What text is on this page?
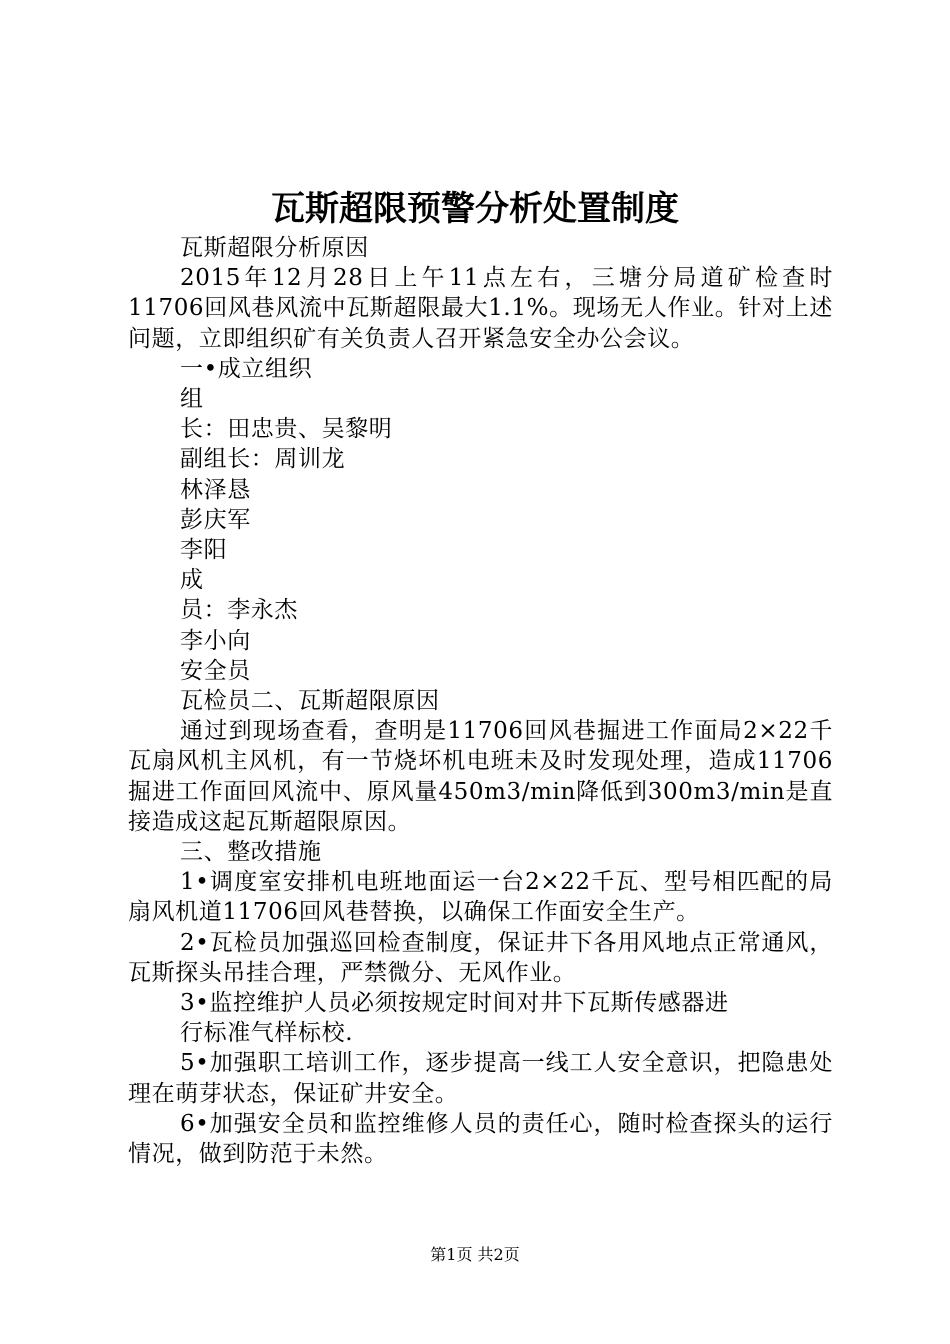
瓦斯超限预警分析处置制度

瓦斯超限分析原因

2015年12月28日上午11点左右，三塘分局道矿检查时11706回风巷风流中瓦斯超限最大1.1%。现场无人作业。针对上述问题，立即组织矿有关负责人召开紧急安全办公会议。

一•成立组织

组

长：田忠贵、吴黎明

副组长：周训龙

林泽恳

彭庆军

李阳

成

员：李永杰

李小向

安全员

瓦检员二、瓦斯超限原因

通过到现场查看，查明是11706回风巷掘进工作面局2×22千瓦扇风机主风机，有一节烧坏机电班未及时发现处理，造成11706掘进工作面回风流中、原风量450m3/min降低到300m3/min是直接造成这起瓦斯超限原因。

三、整改措施

1•调度室安排机电班地面运一台2×22千瓦、型号相匹配的局扇风机道11706回风巷替换，以确保工作面安全生产。

2•瓦检员加强巡回检查制度，保证井下各用风地点正常通风，瓦斯探头吊挂合理，严禁微分、无风作业。

3•监控维护人员必须按规定时间对井下瓦斯传感器进

行标准气样标校.

5•加强职工培训工作，逐步提高一线工人安全意识，把隐患处理在萌芽状态，保证矿井安全。

6•加强安全员和监控维修人员的责任心，随时检查探头的运行情况，做到防范于未然。

第1页 共2页
